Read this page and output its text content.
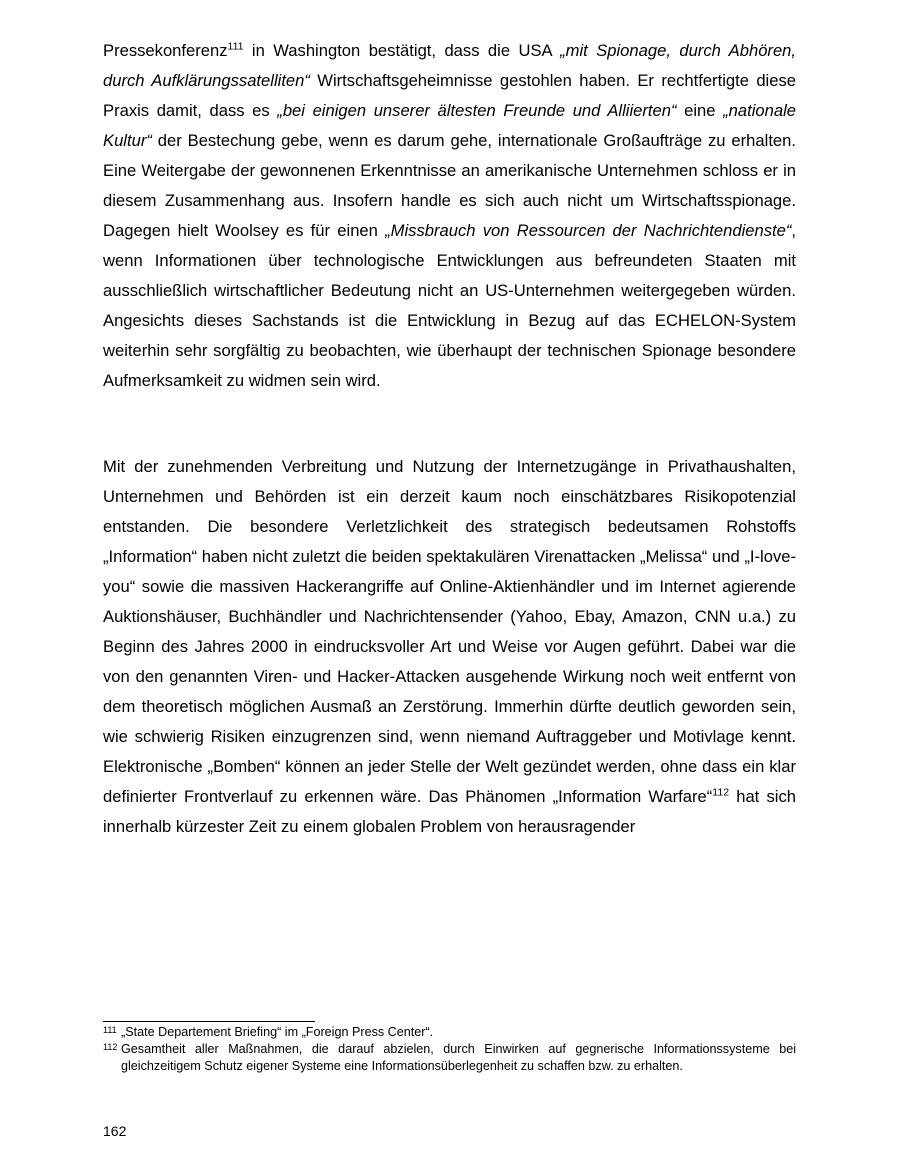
Pressekonferenz$^{111}$ in Washington bestätigt, dass die USA „mit Spionage, durch Abhören, durch Aufklärungssatelliten“ Wirtschaftsgeheimnisse gestohlen haben. Er rechtfertigte diese Praxis damit, dass es „bei einigen unserer ältesten Freunde und Alliierten“ eine „nationale Kultur“ der Bestechung gebe, wenn es darum gehe, internationale Großaufträge zu erhalten. Eine Weitergabe der gewonnenen Erkenntnisse an amerikanische Unternehmen schloss er in diesem Zusammenhang aus. Insofern handle es sich auch nicht um Wirtschaftsspionage. Dagegen hielt Woolsey es für einen „Missbrauch von Ressourcen der Nachrichtendienste“, wenn Informationen über technologische Entwicklungen aus befreundeten Staaten mit ausschließlich wirtschaftlicher Bedeutung nicht an US-Unternehmen weitergegeben würden. Angesichts dieses Sachstands ist die Entwicklung in Bezug auf das ECHELON-System weiterhin sehr sorgfältig zu beobachten, wie überhaupt der technischen Spionage besondere Aufmerksamkeit zu widmen sein wird.

Mit der zunehmenden Verbreitung und Nutzung der Internetzugänge in Privathaushalten, Unternehmen und Behörden ist ein derzeit kaum noch einschätzbares Risikopotenzial entstanden. Die besondere Verletzlichkeit des strategisch bedeutsamen Rohstoffs „Information“ haben nicht zuletzt die beiden spektakulären Virenattacken „Melissa“ und „I-love-you“ sowie die massiven Hackerangriffe auf Online-Aktienhändler und im Internet agierende Auktionshäuser, Buchhändler und Nachrichtensender (Yahoo, Ebay, Amazon, CNN u.a.) zu Beginn des Jahres 2000 in eindrucksvoller Art und Weise vor Augen geführt. Dabei war die von den genannten Viren- und Hacker-Attacken ausgehende Wirkung noch weit entfernt von dem theoretisch möglichen Ausmaß an Zerstörung. Immerhin dürfte deutlich geworden sein, wie schwierig Risiken einzugrenzen sind, wenn niemand Auftraggeber und Motivlage kennt. Elektronische „Bomben“ können an jeder Stelle der Welt gezündet werden, ohne dass ein klar definierter Frontverlauf zu erkennen wäre. Das Phänomen „Information Warfare“$^{112}$ hat sich innerhalb kürzester Zeit zu einem globalen Problem von herausragender

111 „State Departement Briefing“ im „Foreign Press Center“.

112 Gesamtheit aller Maßnahmen, die darauf abzielen, durch Einwirken auf gegnerische Informationssysteme bei gleichzeitigem Schutz eigener Systeme eine Informationsüberlegenheit zu schaffen bzw. zu erhalten.

162
